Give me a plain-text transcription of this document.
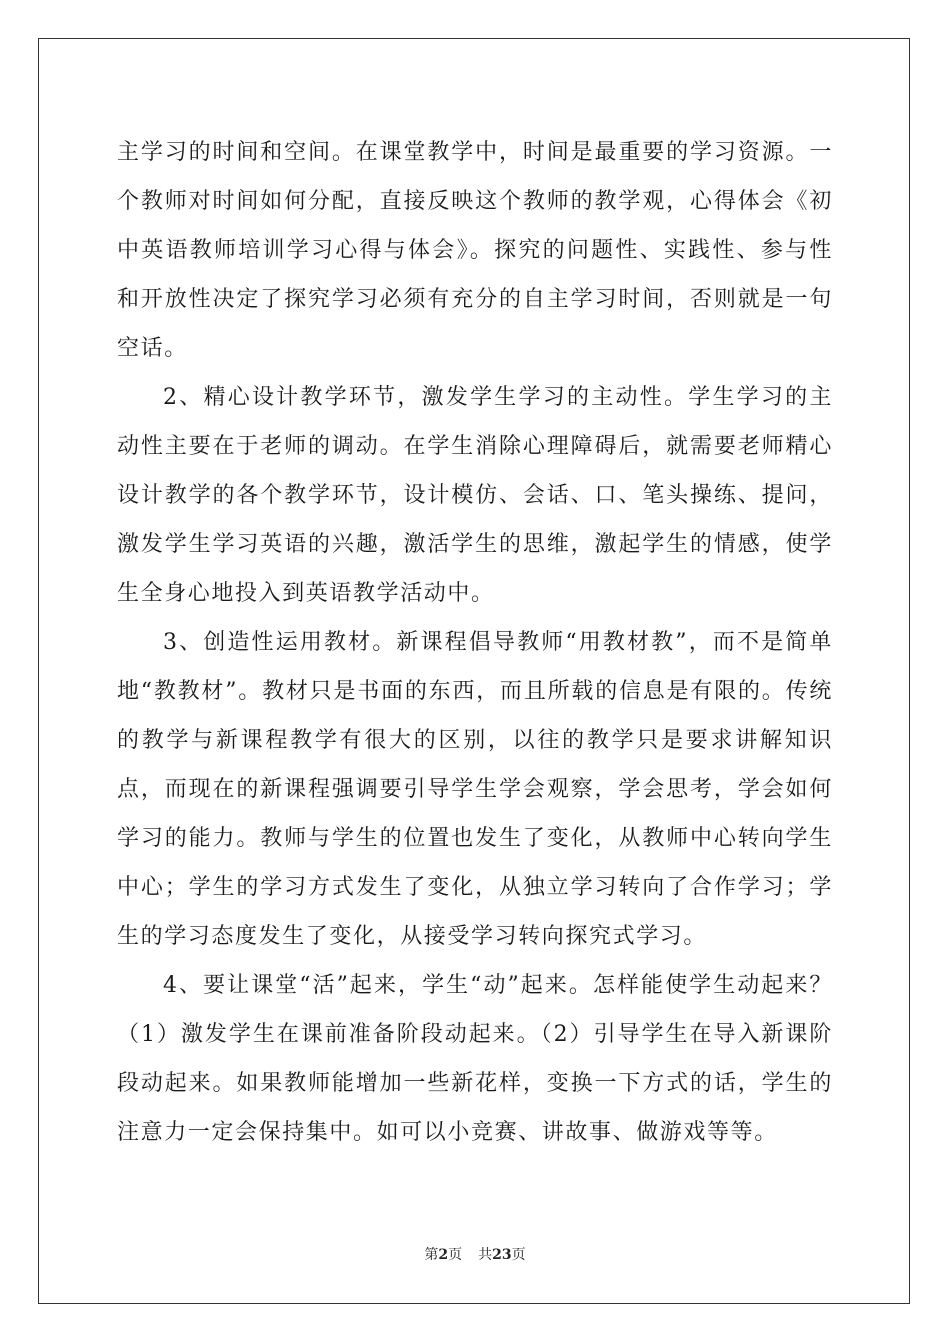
主学习的时间和空间。在课堂教学中，时间是最重要的学习资源。一个教师对时间如何分配，直接反映这个教师的教学观，心得体会《初中英语教师培训学习心得与体会》。探究的问题性、实践性、参与性和开放性决定了探究学习必须有充分的自主学习时间，否则就是一句空话。

2、精心设计教学环节，激发学生学习的主动性。学生学习的主动性主要在于老师的调动。在学生消除心理障碍后，就需要老师精心设计教学的各个教学环节，设计模仿、会话、口、笔头操练、提问，激发学生学习英语的兴趣，激活学生的思维，激起学生的情感，使学生全身心地投入到英语教学活动中。

3、创造性运用教材。新课程倡导教师“用教材教”，而不是简单地“教教材”。教材只是书面的东西，而且所载的信息是有限的。传统的教学与新课程教学有很大的区别，以往的教学只是要求讲解知识点，而现在的新课程强调要引导学生学会观察，学会思考，学会如何学习的能力。教师与学生的位置也发生了变化，从教师中心转向学生中心；学生的学习方式发生了变化，从独立学习转向了合作学习；学生的学习态度发生了变化，从接受学习转向探究式学习。

4、要让课堂“活”起来，学生“动”起来。怎样能使学生动起来？（1）激发学生在课前准备阶段动起来。（2）引导学生在导入新课阶段动起来。如果教师能增加一些新花样，变换一下方式的话，学生的注意力一定会保持集中。如可以小竞赛、讲故事、做游戏等等。

第2页 共23页
